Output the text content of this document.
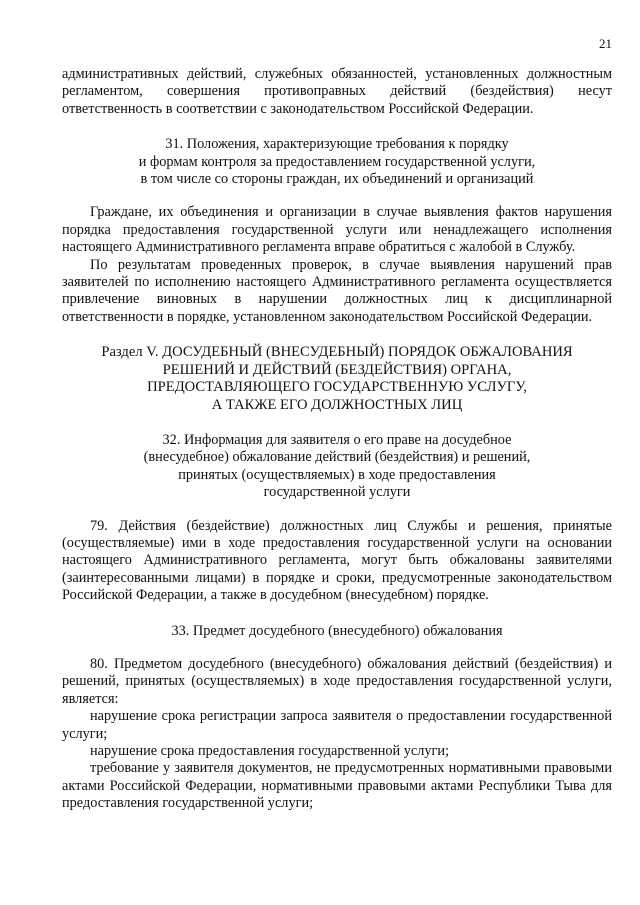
21

административных действий, служебных обязанностей, установленных должностным регламентом, совершения противоправных действий (бездействия) несут ответственность в соответствии с законодательством Российской Федерации.

31. Положения, характеризующие требования к порядку
и формам контроля за предоставлением государственной услуги,
в том числе со стороны граждан, их объединений и организаций

Граждане, их объединения и организации в случае выявления фактов нарушения порядка предоставления государственной услуги или ненадлежащего исполнения настоящего Административного регламента вправе обратиться с жалобой в Службу.

По результатам проведенных проверок, в случае выявления нарушений прав заявителей по исполнению настоящего Административного регламента осуществляется привлечение виновных в нарушении должностных лиц к дисциплинарной ответственности в порядке, установленном законодательством Российской Федерации.

Раздел V. ДОСУДЕБНЫЙ (ВНЕСУДЕБНЫЙ) ПОРЯДОК ОБЖАЛОВАНИЯ
РЕШЕНИЙ И ДЕЙСТВИЙ (БЕЗДЕЙСТВИЯ) ОРГАНА,
ПРЕДОСТАВЛЯЮЩЕГО ГОСУДАРСТВЕННУЮ УСЛУГУ,
А ТАКЖЕ ЕГО ДОЛЖНОСТНЫХ ЛИЦ
32. Информация для заявителя о его праве на досудебное
(внесудебное) обжалование действий (бездействия) и решений,
принятых (осуществляемых) в ходе предоставления
государственной услуги

79. Действия (бездействие) должностных лиц Службы и решения, принятые (осуществляемые) ими в ходе предоставления государственной услуги на основании настоящего Административного регламента, могут быть обжалованы заявителями (заинтересованными лицами) в порядке и сроки, предусмотренные законодательством Российской Федерации, а также в досудебном (внесудебном) порядке.

33. Предмет досудебного (внесудебного) обжалования

80. Предметом досудебного (внесудебного) обжалования действий (бездействия) и решений, принятых (осуществляемых) в ходе предоставления государственной услуги, является:

нарушение срока регистрации запроса заявителя о предоставлении государственной услуги;

нарушение срока предоставления государственной услуги;

требование у заявителя документов, не предусмотренных нормативными правовыми актами Российской Федерации, нормативными правовыми актами Республики Тыва для предоставления государственной услуги;
